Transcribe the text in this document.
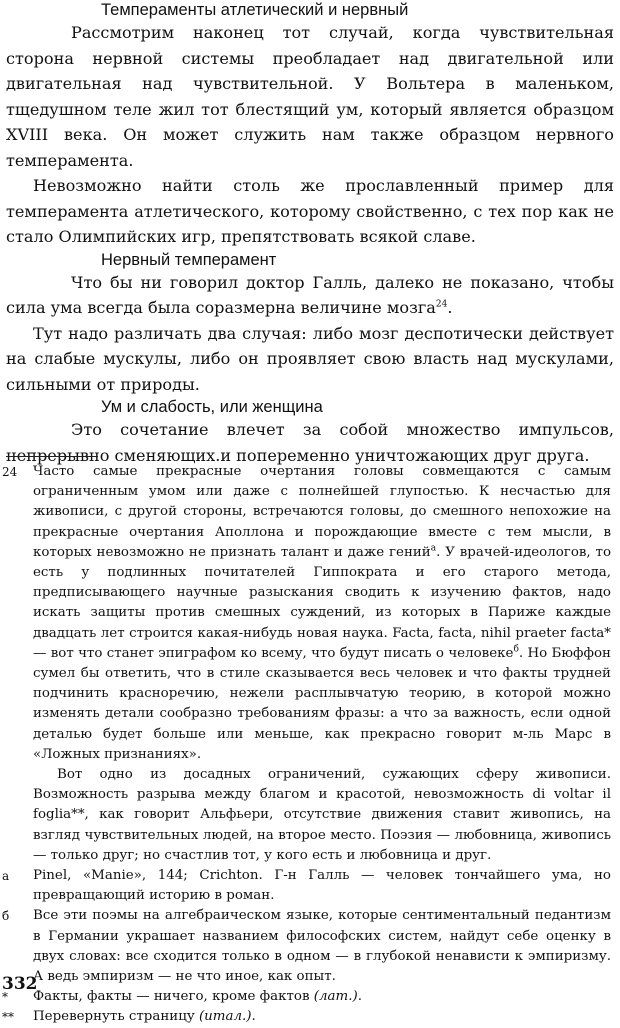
Темпераменты атлетический и нервный

Рассмотрим наконец тот случай, когда чувствительная сторона нервной системы преобладает над двигательной или двигательная над чувствительной. У Вольтера в маленьком, тщедушном теле жил тот блестящий ум, который является образцом XVIII века. Он может служить нам также образцом нервного темперамента.

Невозможно найти столь же прославленный пример для темперамента атлетического, которому свойственно, с тех пор как не стало Олимпийских игр, препятствовать всякой славе.

Нервный темперамент

Что бы ни говорил доктор Галль, далеко не показано, чтобы сила ума всегда была соразмерна величине мозга$^{24}$.

Тут надо различать два случая: либо мозг деспотически действует на слабые мускулы, либо он проявляет свою власть над мускулами, сильными от природы.

Ум и слабость, или женщина

Это сочетание влечет за собой множество импульсов, непрерывно сменяющих.и попеременно уничтожающих друг друга.

24 Часто самые прекрасные очертания головы совмещаются с самым ограниченным умом или даже с полнейшей глупостью. К несчастью для живописи, с другой стороны, встречаются головы, до смешного непохожие на прекрасные очертания Аполлона и порождающие вместе с тем мысли, в которых невозможно не признать талант и даже гений$^а$. У врачей-идеологов, то есть у подлинных почитателей Гиппократа и его старого метода, предписывающего научные разыскания сводить к изучению фактов, надо искать защиты против смешных суждений, из которых в Париже каждые двадцать лет строится какая-нибудь новая наука. Facta, facta, nihil praeter facta* — вот что станет эпиграфом ко всему, что будут писать о человеке$^б$. Но Бюффон сумел бы ответить, что в стиле сказывается весь человек и что факты трудней подчинить красноречию, нежели расплывчатую теорию, в которой можно изменять детали сообразно требованиям фразы: а что за важность, если одной деталью будет больше или меньше, как прекрасно говорит м-ль Марс в «Ложных признаниях».
Вот одно из досадных ограничений, сужающих сферу живописи. Возможность разрыва между благом и красотой, невозможность di voltar il foglia**, как говорит Альфьери, отсутствие движения ставит живопись, на взгляд чувствительных людей, на второе место. Поэзия — любовница, живопись — только друг; но счастлив тот, у кого есть и любовница и друг.
а Pinel, «Manie», 144; Crichton. Г-н Галль — человек тончайшего ума, но превращающий историю в роман.
б Все эти поэмы на алгебраическом языке, которые сентиментальный педантизм в Германии украшает названием философских систем, найдут себе оценку в двух словах: все сходится только в одном — в глубокой ненависти к эмпиризму. А ведь эмпиризм — не что иное, как опыт.
* Факты, факты — ничего, кроме фактов (лат.).
** Перевернуть страницу (итал.).
332
